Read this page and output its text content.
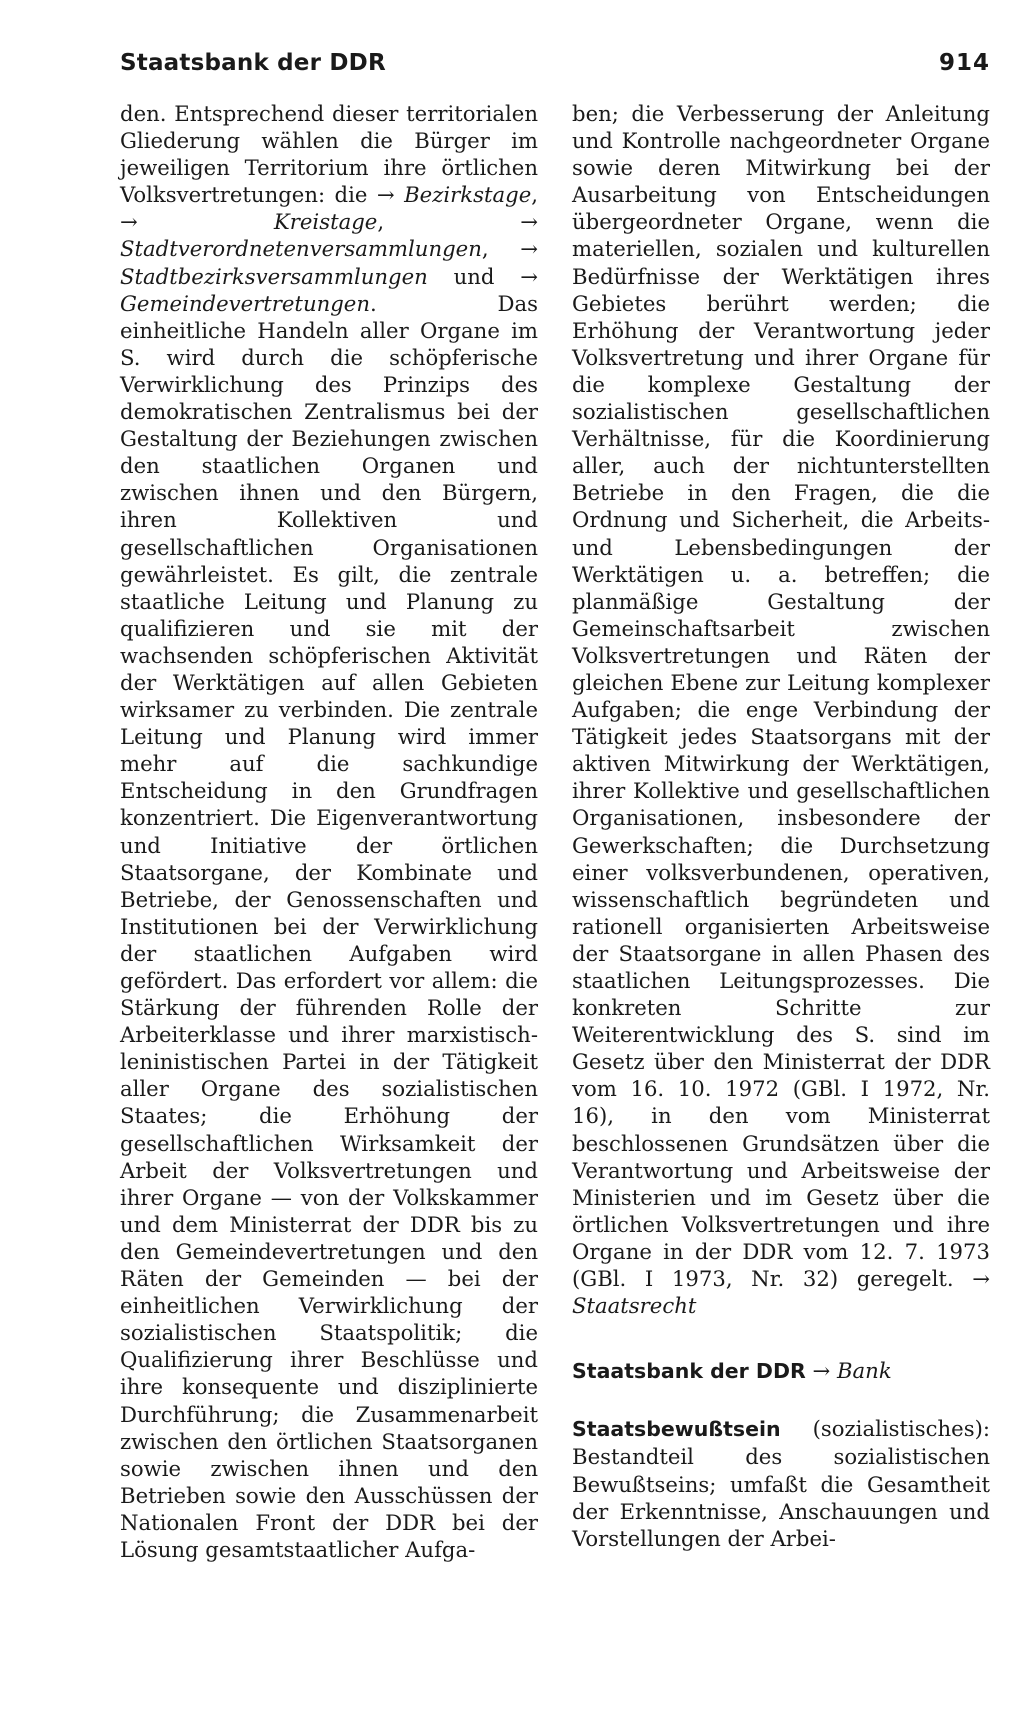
Staatsbank der DDR	914

den. Entsprechend dieser territorialen Gliederung wählen die Bürger im jeweiligen Territorium ihre örtlichen Volksvertretungen: die → Bezirkstage, → Kreistage, → Stadtverordnetenversammlungen, → Stadtbezirksversammlungen und → Gemeindevertretungen. Das einheitliche Handeln aller Organe im S. wird durch die schöpferische Verwirklichung des Prinzips des demokratischen Zentralismus bei der Gestaltung der Beziehungen zwischen den staatlichen Organen und zwischen ihnen und den Bürgern, ihren Kollektiven und gesellschaftlichen Organisationen gewährleistet. Es gilt, die zentrale staatliche Leitung und Planung zu qualifizieren und sie mit der wachsenden schöpferischen Aktivität der Werktätigen auf allen Gebieten wirksamer zu verbinden. Die zentrale Leitung und Planung wird immer mehr auf die sachkundige Entscheidung in den Grundfragen konzentriert. Die Eigenverantwortung und Initiative der örtlichen Staatsorgane, der Kombinate und Betriebe, der Genossenschaften und Institutionen bei der Verwirklichung der staatlichen Aufgaben wird gefördert. Das erfordert vor allem: die Stärkung der führenden Rolle der Arbeiterklasse und ihrer marxistisch-leninistischen Partei in der Tätigkeit aller Organe des sozialistischen Staates; die Erhöhung der gesellschaftlichen Wirksamkeit der Arbeit der Volksvertretungen und ihrer Organe — von der Volkskammer und dem Ministerrat der DDR bis zu den Gemeindevertretungen und den Räten der Gemeinden — bei der einheitlichen Verwirklichung der sozialistischen Staatspolitik; die Qualifizierung ihrer Beschlüsse und ihre konsequente und disziplinierte Durchführung; die Zusammenarbeit zwischen den örtlichen Staatsorganen sowie zwischen ihnen und den Betrieben sowie den Ausschüssen der Nationalen Front der DDR bei der Lösung gesamtstaatlicher Aufga-

ben; die Verbesserung der Anleitung und Kontrolle nachgeordneter Organe sowie deren Mitwirkung bei der Ausarbeitung von Entscheidungen übergeordneter Organe, wenn die materiellen, sozialen und kulturellen Bedürfnisse der Werktätigen ihres Gebietes berührt werden; die Erhöhung der Verantwortung jeder Volksvertretung und ihrer Organe für die komplexe Gestaltung der sozialistischen gesellschaftlichen Verhältnisse, für die Koordinierung aller, auch der nichtunterstellten Betriebe in den Fragen, die die Ordnung und Sicherheit, die Arbeits- und Lebensbedingungen der Werktätigen u. a. betreffen; die planmäßige Gestaltung der Gemeinschaftsarbeit zwischen Volksvertretungen und Räten der gleichen Ebene zur Leitung komplexer Aufgaben; die enge Verbindung der Tätigkeit jedes Staatsorgans mit der aktiven Mitwirkung der Werktätigen, ihrer Kollektive und gesellschaftlichen Organisationen, insbesondere der Gewerkschaften; die Durchsetzung einer volksverbundenen, operativen, wissenschaftlich begründeten und rationell organisierten Arbeitsweise der Staatsorgane in allen Phasen des staatlichen Leitungsprozesses. Die konkreten Schritte zur Weiterentwicklung des S. sind im Gesetz über den Ministerrat der DDR vom 16. 10. 1972 (GBl. I 1972, Nr. 16), in den vom Ministerrat beschlossenen Grundsätzen über die Verantwortung und Arbeitsweise der Ministerien und im Gesetz über die örtlichen Volksvertretungen und ihre Organe in der DDR vom 12. 7. 1973 (GBl. I 1973, Nr. 32) geregelt. → Staatsrecht

Staatsbank der DDR → Bank

Staatsbewußtsein (sozialistisches): Bestandteil des sozialistischen Bewußtseins; umfaßt die Gesamtheit der Erkenntnisse, Anschauungen und Vorstellungen der Arbei-
